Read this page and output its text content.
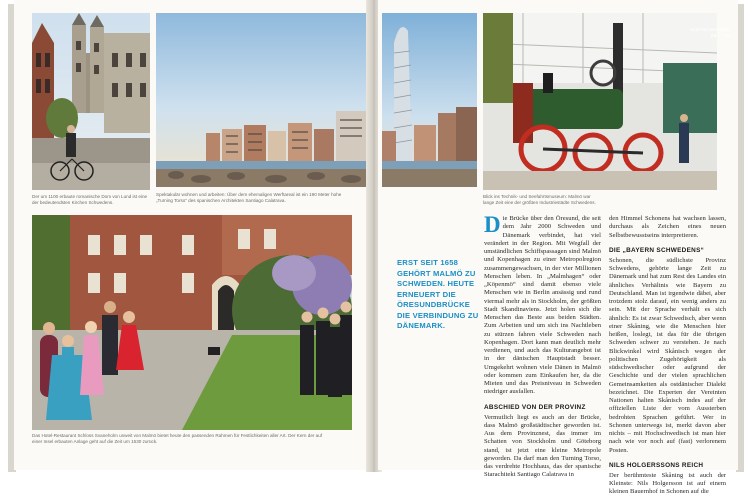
Der um 1100 erbaute romanische Dom von Lund ist eine der bedeutendsten Kirchen Schwedens.
Spektakulär wohnen und arbeiten: Über dem ehemaligen Werftareal ist ein 190 Meter hohe „Turning Torso“ des spanischen Architekten Santiago Calatrava.
Das Hotel-Restaurant Schloss Svaneholm unweit von Malmö bietet heute den passenden Rahmen für Festlichkeiten aller Art. Der Kern der auf einer Insel erbauten Anlage geht auf die Zeit um 1530 zurück.
SÜD-SCHWEDEN
24 – 25
Blick ins Technik- und Seefahrtsmuseum: Malmö war lange Zeit eine der größten Industriestädte Schwedens.
ERST SEIT 1658 GEHÖRT MALMÖ ZU SCHWEDEN. HEUTE ERNEUERT DIE ÖRESUNDBRÜCKE DIE VERBINDUNG ZU DÄNEMARK.

Die Brücke über den Öresund, die seit dem Jahr 2000 Schweden und Dänemark verbindet, hat viel verändert in der Region. Mit Wegfall der umständlichen Schiffspassagen sind Malmö und Kopenhagen zu einer Metropolregion zusammengewachsen, in der vier Millionen Menschen leben. In „Malmhagen“ oder „Köpenmö“ sind damit ebenso viele Menschen wie in Berlin ansässig und rund viermal mehr als in Stockholm, der größten Stadt Skandinaviens. Jetzt holen sich die Menschen das Beste aus beiden Städten. Zum Arbeiten und um sich ins Nachtleben zu stürzen fahren viele Schweden nach Kopenhagen. Dort kann man deutlich mehr verdienen, und auch das Kulturangebot ist in der dänischen Hauptstadt besser. Umgekehrt wohnen viele Dänen in Malmö oder kommen zum Einkaufen her, da die Mieten und das Preisniveau in Schweden niedriger ausfallen.

ABSCHIED VON DER PROVINZ

Vermutlich liegt es auch an der Brücke, dass Malmö großstädtischer geworden ist. Aus dem Provinznest, das immer im Schatten von Stockholm und Göteborg stand, ist jetzt eine kleine Metropole geworden. Da darf man den Turning Torso, das verdrehte Hochhaus, das der spanische Starachitekt Santiago Calatrava in

den Himmel Schonens hat wachsen lassen, durchaus als Zeichen eines neuen Selbstbewusstseins interpretieren.

DIE „BAYERN SCHWEDENS“

Schonen, die südlichste Provinz Schwedens, gehörte lange Zeit zu Dänemark und hat zum Rest des Landes ein ähnliches Verhältnis wie Bayern zu Deutschland. Man ist irgendwie däbei, aber trotzdem stolz darauf, ein wenig anders zu sein. Mit der Sprache verhält es sich ähnlich: Es ist zwar Schwedisch, aber wenn einer Skåning, wie die Menschen hier heißen, loslegt, ist das für die übrigen Schweden schwer zu verstehen. Je nach Blickwinkel wird Skånisch wegen der politischen Zugehörigkeit als südschwedischer oder aufgrund der Geschichte und der vielen sprachlichen Gemeinsamkeiten als ostdänischer Dialekt bezeichnet. Die Experten der Vereinten Nationen halten Skånisch indes auf der offiziellen Liste der vom Aussterben bedrohten Sprachen geführt. Wer in Schonen unterwegs ist, merkt davon aber nichts – mit Hochschwedisch ist man hier nach wie vor noch auf (fast) verlorenem Posten.

NILS HOLGERSSONS REICH

Der berühmteste Skåning ist auch der Kleinste: Nils Holgersson ist auf einem kleinen Bauernhof in Schonen auf die
